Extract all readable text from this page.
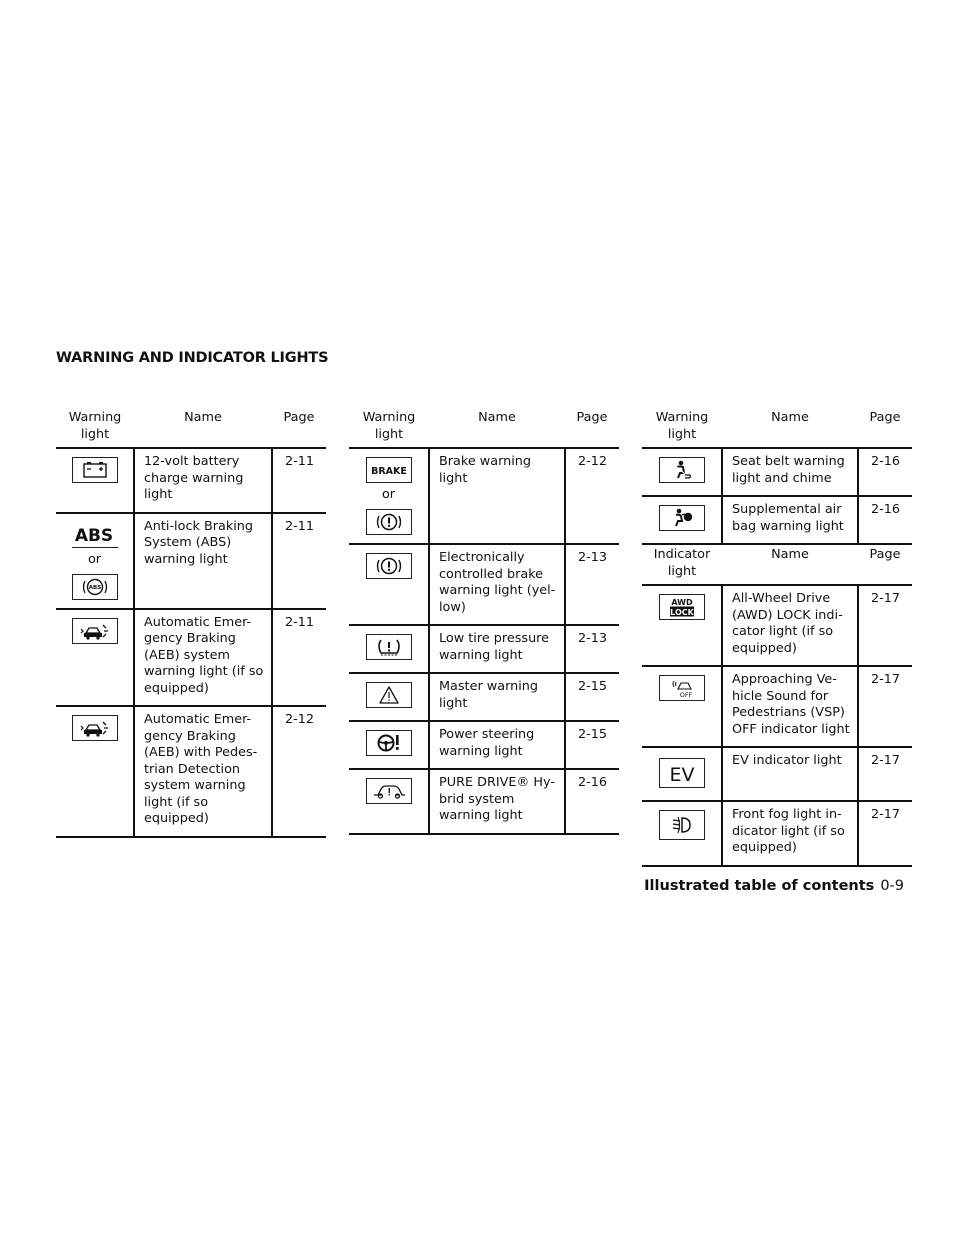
WARNING AND INDICATOR LIGHTS
Warning light	Name	Page

	12-volt battery charge warning light	2-11

ABS
or
ABS	Anti-lock Braking System (ABS) warning light	2-11

	Automatic Emer-gency Braking (AEB) system warning light (if so equipped)	2-11

	Automatic Emer-gency Braking (AEB) with Pedes-trian Detection system warning light (if so equipped)	2-12
Warning light	Name	Page

BRAKE
or	Brake warning light	2-12

	Electronically controlled brake warning light (yel-low)	2-13

	Low tire pressure warning light	2-13

	Master warning light	2-15

	Power steering warning light	2-15

	PURE DRIVE® Hy-brid system warning light	2-16
Warning light	Name	Page

	Seat belt warning light and chime	2-16

	Supplemental air bag warning light	2-16
Indicator light	Name	Page

AWD
LOCK	All-Wheel Drive (AWD) LOCK indi-cator light (if so equipped)	2-17

OFF	Approaching Ve-hicle Sound for Pedestrians (VSP) OFF indicator light	2-17

EV	EV indicator light	2-17

	Front fog light in-dicator light (if so equipped)	2-17
Illustrated table of contents 0-9
